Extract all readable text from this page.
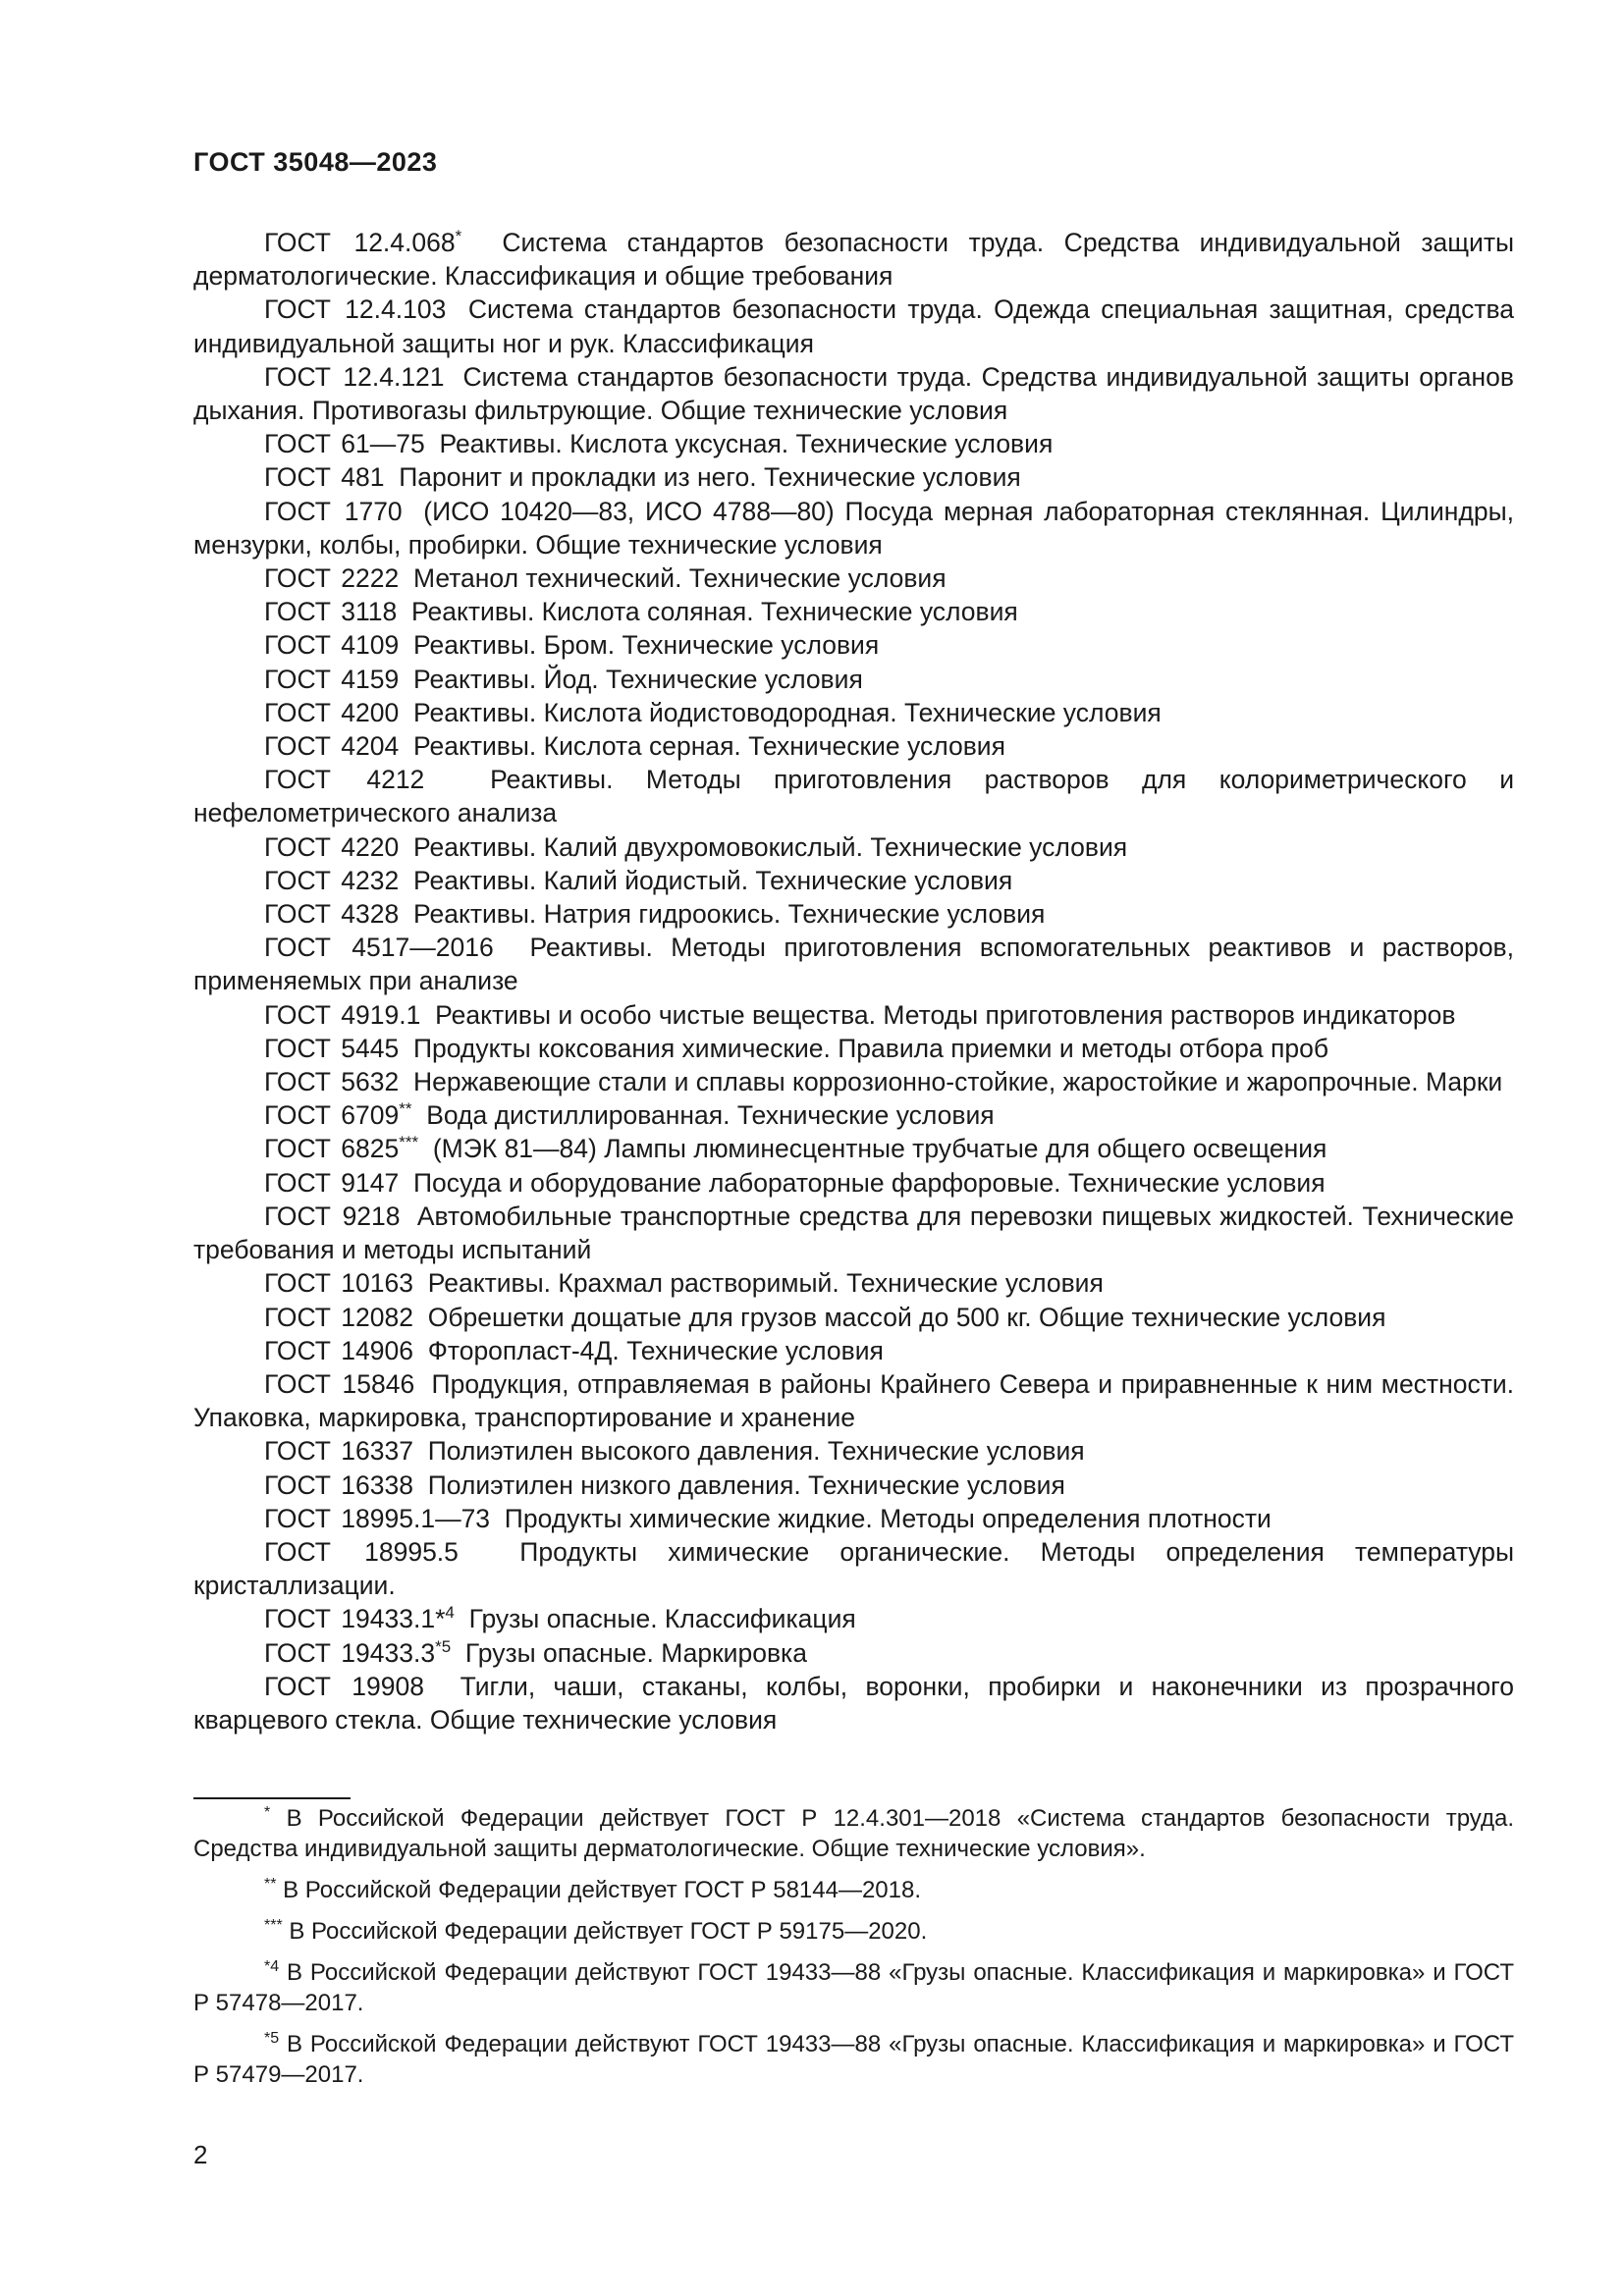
ГОСТ 35048—2023

ГОСТ 12.4.068* Система стандартов безопасности труда. Средства индивидуальной защиты дерматологические. Классификация и общие требования

ГОСТ 12.4.103 Система стандартов безопасности труда. Одежда специальная защитная, средства индивидуальной защиты ног и рук. Классификация

ГОСТ 12.4.121 Система стандартов безопасности труда. Средства индивидуальной защиты органов дыхания. Противогазы фильтрующие. Общие технические условия

ГОСТ 61—75 Реактивы. Кислота уксусная. Технические условия

ГОСТ 481 Паронит и прокладки из него. Технические условия

ГОСТ 1770 (ИСО 10420—83, ИСО 4788—80) Посуда мерная лабораторная стеклянная. Цилиндры, мензурки, колбы, пробирки. Общие технические условия

ГОСТ 2222 Метанол технический. Технические условия

ГОСТ 3118 Реактивы. Кислота соляная. Технические условия

ГОСТ 4109 Реактивы. Бром. Технические условия

ГОСТ 4159 Реактивы. Йод. Технические условия

ГОСТ 4200 Реактивы. Кислота йодистоводородная. Технические условия

ГОСТ 4204 Реактивы. Кислота серная. Технические условия

ГОСТ 4212	Реактивы. Методы приготовления растворов для колориметрического и нефелометрического анализа

ГОСТ 4220 Реактивы. Калий двухромовокислый. Технические условия

ГОСТ 4232 Реактивы. Калий йодистый. Технические условия

ГОСТ 4328 Реактивы. Натрия гидроокись. Технические условия

ГОСТ 4517—2016 Реактивы. Методы приготовления вспомогательных реактивов и растворов, применяемых при анализе

ГОСТ 4919.1 Реактивы и особо чистые вещества. Методы приготовления растворов индикаторов

ГОСТ 5445 Продукты коксования химические. Правила приемки и методы отбора проб

ГОСТ 5632 Нержавеющие стали и сплавы коррозионно-стойкие, жаростойкие и жаропрочные. Марки

ГОСТ 6709** Вода дистиллированная. Технические условия

ГОСТ 6825*** (МЭК 81—84) Лампы люминесцентные трубчатые для общего освещения

ГОСТ 9147 Посуда и оборудование лабораторные фарфоровые. Технические условия

ГОСТ 9218 Автомобильные транспортные средства для перевозки пищевых жидкостей. Технические требования и методы испытаний

ГОСТ 10163 Реактивы. Крахмал растворимый. Технические условия

ГОСТ 12082 Обрешетки дощатые для грузов массой до 500 кг. Общие технические условия

ГОСТ 14906 Фторопласт-4Д. Технические условия

ГОСТ 15846 Продукция, отправляемая в районы Крайнего Севера и приравненные к ним местности. Упаковка, маркировка, транспортирование и хранение

ГОСТ 16337 Полиэтилен высокого давления. Технические условия

ГОСТ 16338 Полиэтилен низкого давления. Технические условия

ГОСТ 18995.1—73 Продукты химические жидкие. Методы определения плотности

ГОСТ 18995.5 Продукты химические органические. Методы определения температуры кристаллизации.

ГОСТ 19433.1*$^4$ Грузы опасные. Классификация

ГОСТ 19433.3$^{*5}$ Грузы опасные. Маркировка

ГОСТ 19908 Тигли, чаши, стаканы, колбы, воронки, пробирки и наконечники из прозрачного кварцевого стекла. Общие технические условия

* В Российской Федерации действует ГОСТ Р 12.4.301—2018 «Система стандартов безопасности труда. Средства индивидуальной защиты дерматологические. Общие технические условия».

** В Российской Федерации действует ГОСТ Р 58144—2018.

*** В Российской Федерации действует ГОСТ Р 59175—2020.

$^{*4}$ В Российской Федерации действуют ГОСТ 19433—88 «Грузы опасные. Классификация и маркировка» и ГОСТ Р 57478—2017.

$^{*5}$ В Российской Федерации действуют ГОСТ 19433—88 «Грузы опасные. Классификация и маркировка» и ГОСТ Р 57479—2017.

2
